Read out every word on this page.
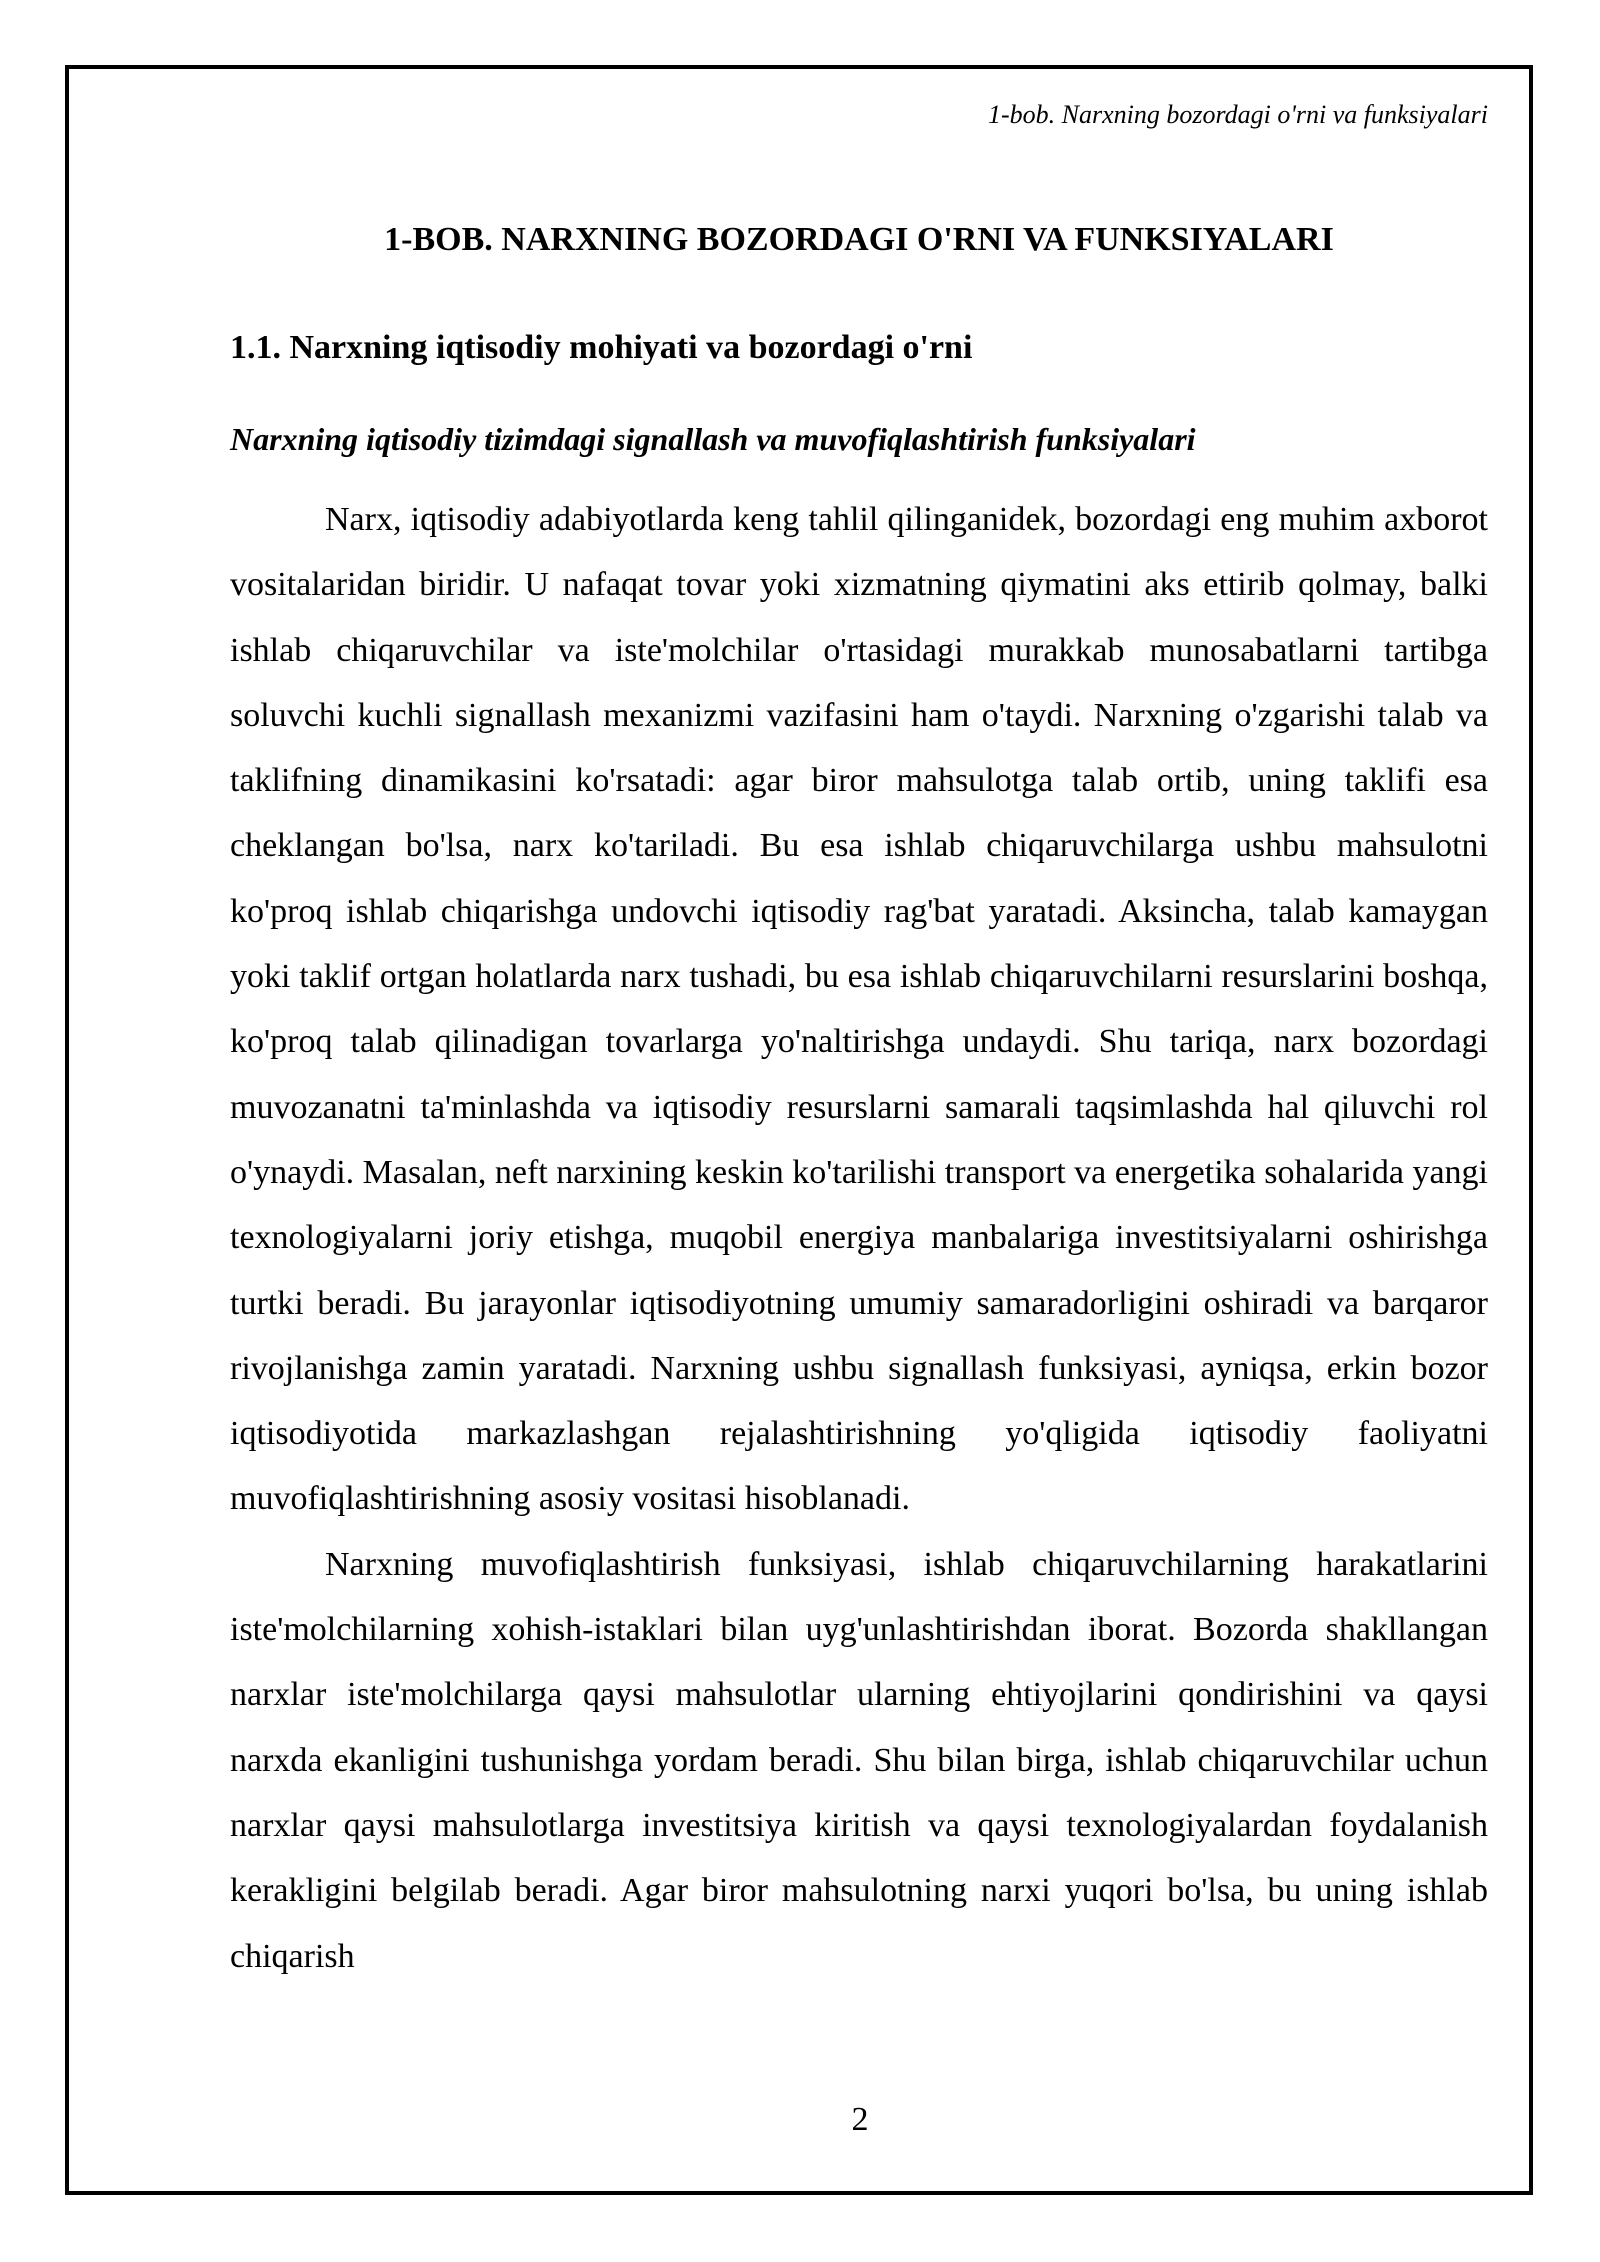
1-bob. Narxning bozordagi o'rni va funksiyalari
1-BOB. NARXNING BOZORDAGI O'RNI VA FUNKSIYALARI
1.1. Narxning iqtisodiy mohiyati va bozordagi o'rni
Narxning iqtisodiy tizimdagi signallash va muvofiqlashtirish funksiyalari

Narx, iqtisodiy adabiyotlarda keng tahlil qilinganidek, bozordagi eng muhim axborot vositalaridan biridir. U nafaqat tovar yoki xizmatning qiymatini aks ettirib qolmay, balki ishlab chiqaruvchilar va iste'molchilar o'rtasidagi murakkab munosabatlarni tartibga soluvchi kuchli signallash mexanizmi vazifasini ham o'taydi. Narxning o'zgarishi talab va taklifning dinamikasini ko'rsatadi: agar biror mahsulotga talab ortib, uning taklifi esa cheklangan bo'lsa, narx ko'tariladi. Bu esa ishlab chiqaruvchilarga ushbu mahsulotni ko'proq ishlab chiqarishga undovchi iqtisodiy rag'bat yaratadi. Aksincha, talab kamaygan yoki taklif ortgan holatlarda narx tushadi, bu esa ishlab chiqaruvchilarni resurslarini boshqa, ko'proq talab qilinadigan tovarlarga yo'naltirishga undaydi. Shu tariqa, narx bozordagi muvozanatni ta'minlashda va iqtisodiy resurslarni samarali taqsimlashda hal qiluvchi rol o'ynaydi. Masalan, neft narxining keskin ko'tarilishi transport va energetika sohalarida yangi texnologiyalarni joriy etishga, muqobil energiya manbalariga investitsiyalarni oshirishga turtki beradi. Bu jarayonlar iqtisodiyotning umumiy samaradorligini oshiradi va barqaror rivojlanishga zamin yaratadi. Narxning ushbu signallash funksiyasi, ayniqsa, erkin bozor iqtisodiyotida markazlashgan rejalashtirishning yo'qligida iqtisodiy faoliyatni muvofiqlashtirishning asosiy vositasi hisoblanadi.

Narxning muvofiqlashtirish funksiyasi, ishlab chiqaruvchilarning harakatlarini iste'molchilarning xohish-istaklari bilan uyg'unlashtirishdan iborat. Bozorda shakllangan narxlar iste'molchilarga qaysi mahsulotlar ularning ehtiyojlarini qondirishini va qaysi narxda ekanligini tushunishga yordam beradi. Shu bilan birga, ishlab chiqaruvchilar uchun narxlar qaysi mahsulotlarga investitsiya kiritish va qaysi texnologiyalardan foydalanish kerakligini belgilab beradi. Agar biror mahsulotning narxi yuqori bo'lsa, bu uning ishlab chiqarish

2
